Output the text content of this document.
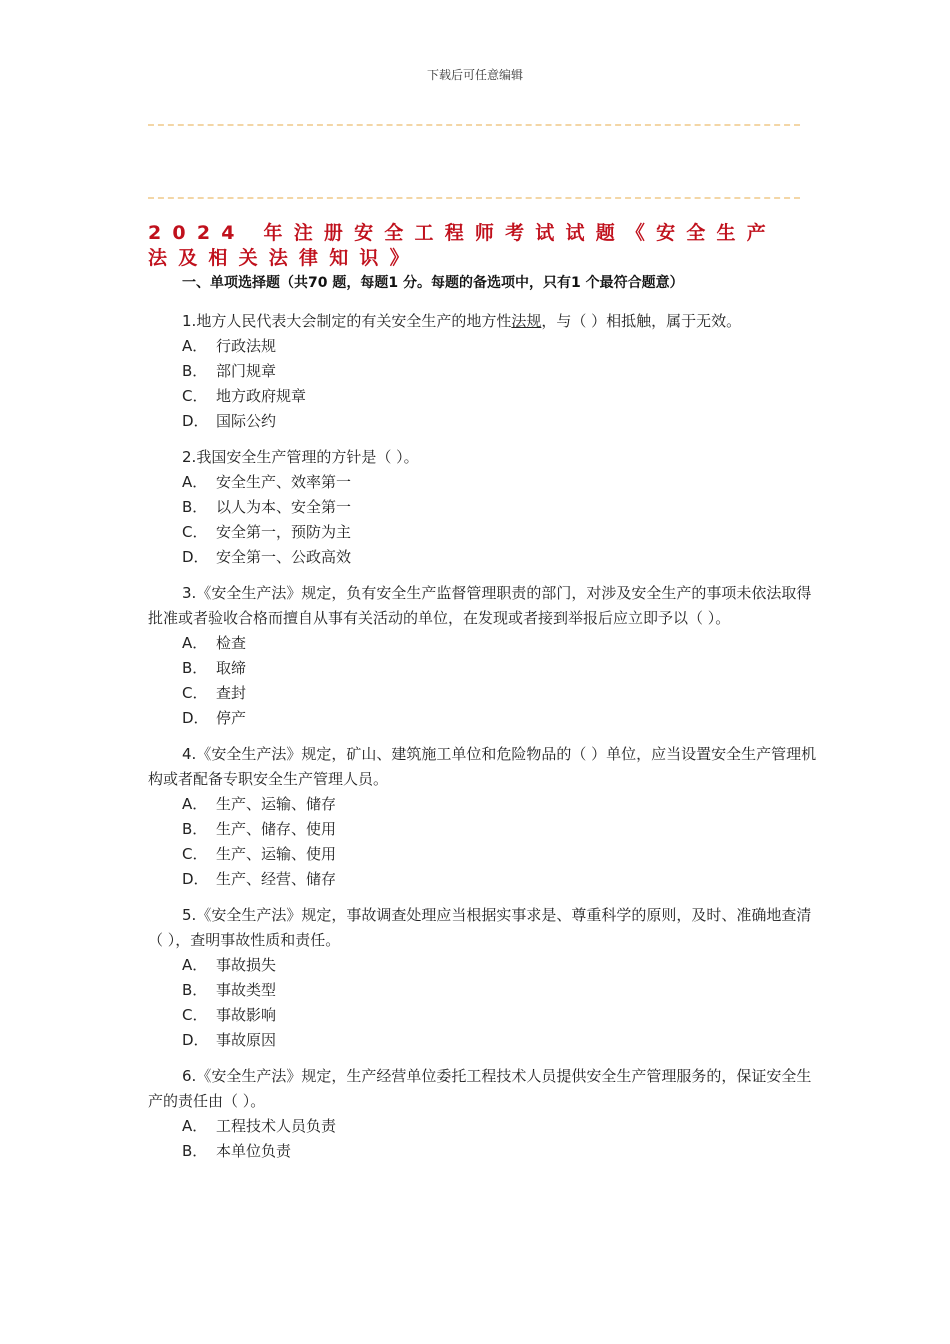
下载后可任意编辑
2024 年注册安全工程师考试试题《安全生产
法及相关法律知识》
一、单项选择题（共70 题，每题1 分。每题的备选项中，只有1 个最符合题意）

1.地方人民代表大会制定的有关安全生产的地方性法规，与（ ）相抵触，属于无效。

A． 行政法规

B． 部门规章

C． 地方政府规章

D． 国际公约

2.我国安全生产管理的方针是（ ）。

A． 安全生产、效率第一

B． 以人为本、安全第一

C． 安全第一，预防为主

D． 安全第一、公政高效

3.《安全生产法》规定，负有安全生产监督管理职责的部门，对涉及安全生产的事项未依法取得批准或者验收合格而擅自从事有关活动的单位，在发现或者接到举报后应立即予以（ ）。

A． 检查

B． 取缔

C． 查封

D． 停产

4.《安全生产法》规定，矿山、建筑施工单位和危险物品的（ ）单位，应当设置安全生产管理机构或者配备专职安全生产管理人员。

A． 生产、运输、储存

B． 生产、储存、使用

C． 生产、运输、使用

D． 生产、经营、储存

5.《安全生产法》规定，事故调查处理应当根据实事求是、尊重科学的原则，及时、准确地查清（ ），查明事故性质和责任。

A． 事故损失

B． 事故类型

C． 事故影响

D． 事故原因

6.《安全生产法》规定，生产经营单位委托工程技术人员提供安全生产管理服务的，保证安全生产的责任由（ ）。

A． 工程技术人员负责

B． 本单位负责
